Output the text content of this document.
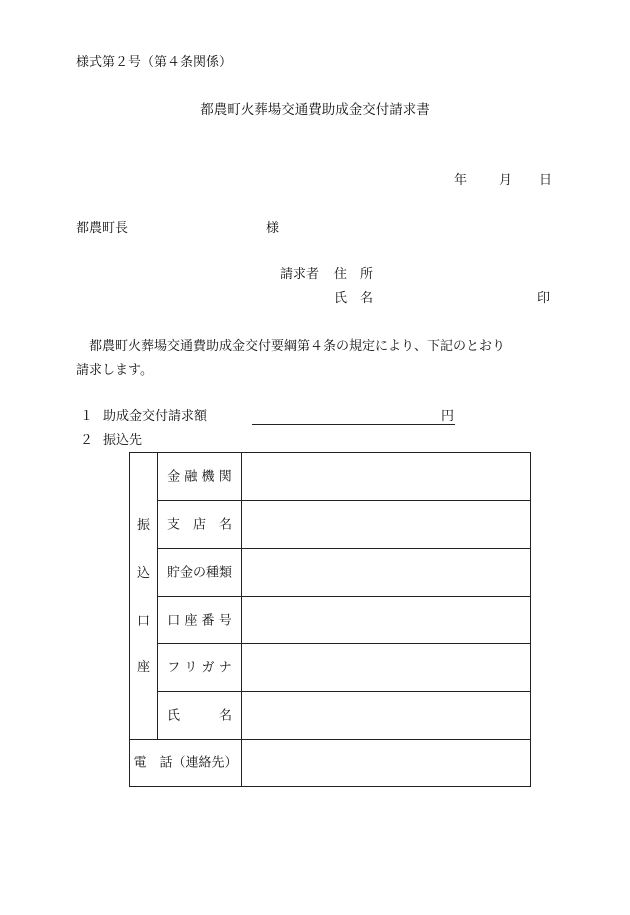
様式第２号（第４条関係）
都農町火葬場交通費助成金交付請求書
年 月 日
都農町長	様
請求者 住　所
氏　名	印
都農町火葬場交通費助成金交付要綱第４条の規定により、下記のとおり
請求します。
１ 助成金交付請求額	円
２ 振込先
振
込
口
座
金 融 機 関
支　店　名
貯金の種類
口 座 番 号
フ リ ガ ナ
氏　　　名
電　話（連絡先）
